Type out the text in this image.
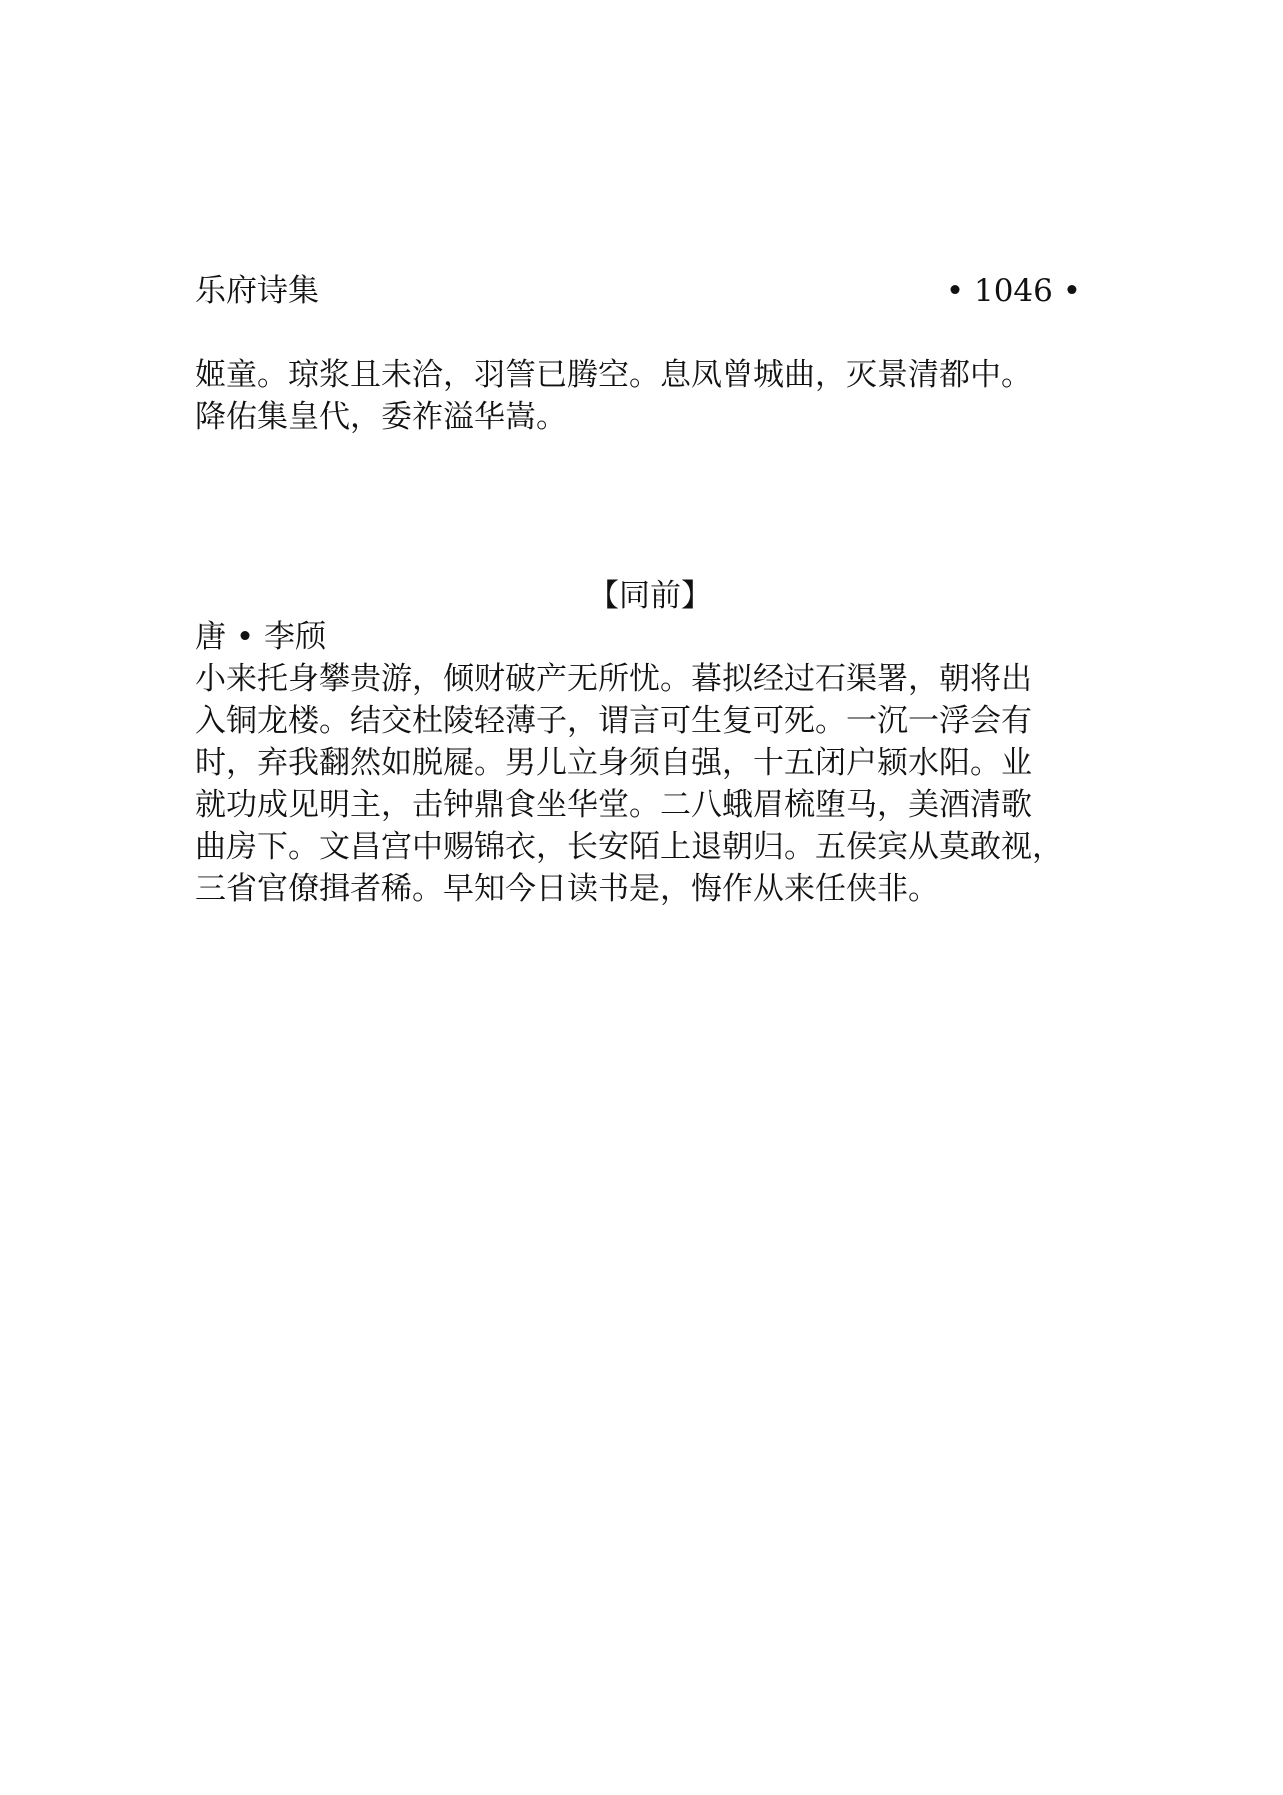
乐府诗集	• 1046 •

姬童。琼浆且未洽，羽䇾已腾空。息凤曾城曲，灭景清都中。

降佑集皇代，委祚溢华嵩。

【同前】
唐 • 李颀

小来托身攀贵游，倾财破产无所忧。暮拟经过石渠署，朝将出

入铜龙楼。结交杜陵轻薄子，谓言可生复可死。一沉一浮会有

时，弃我翻然如脱屣。男儿立身须自强，十五闭户颍水阳。业

就功成见明主，击钟鼎食坐华堂。二八蛾眉梳堕马，美酒清歌

曲房下。文昌宫中赐锦衣，长安陌上退朝归。五侯宾从莫敢视，

三省官僚揖者稀。早知今日读书是，悔作从来任侠非。
